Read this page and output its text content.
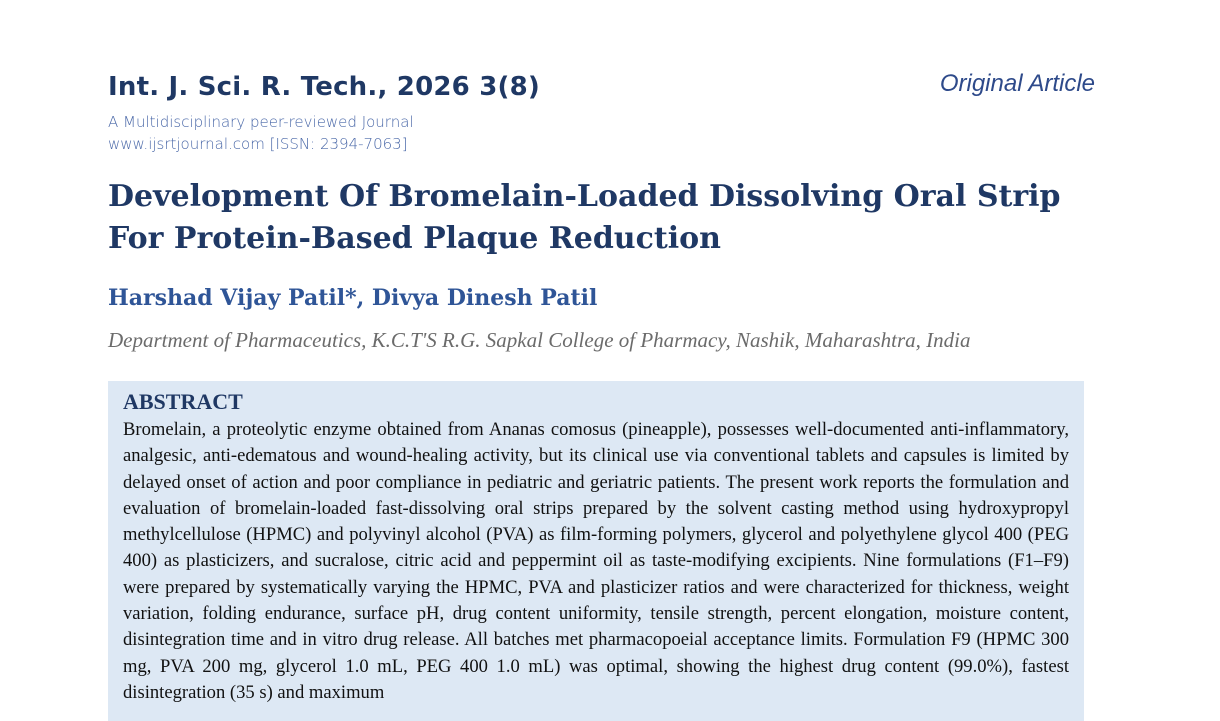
Int. J. Sci. R. Tech., 2026 3(8)	Original Article
A Multidisciplinary peer-reviewed Journal
www.ijsrtjournal.com [ISSN: 2394-7063]
Development Of Bromelain-Loaded Dissolving Oral Strip For Protein-Based Plaque Reduction
Harshad Vijay Patil*, Divya Dinesh Patil
Department of Pharmaceutics, K.C.T'S R.G. Sapkal College of Pharmacy, Nashik, Maharashtra, India
ABSTRACT

Bromelain, a proteolytic enzyme obtained from Ananas comosus (pineapple), possesses well-documented anti-inflammatory, analgesic, anti-edematous and wound-healing activity, but its clinical use via conventional tablets and capsules is limited by delayed onset of action and poor compliance in pediatric and geriatric patients. The present work reports the formulation and evaluation of bromelain-loaded fast-dissolving oral strips prepared by the solvent casting method using hydroxypropyl methylcellulose (HPMC) and polyvinyl alcohol (PVA) as film-forming polymers, glycerol and polyethylene glycol 400 (PEG 400) as plasticizers, and sucralose, citric acid and peppermint oil as taste-modifying excipients. Nine formulations (F1–F9) were prepared by systematically varying the HPMC, PVA and plasticizer ratios and were characterized for thickness, weight variation, folding endurance, surface pH, drug content uniformity, tensile strength, percent elongation, moisture content, disintegration time and in vitro drug release. All batches met pharmacopoeial acceptance limits. Formulation F9 (HPMC 300 mg, PVA 200 mg, glycerol 1.0 mL, PEG 400 1.0 mL) was optimal, showing the highest drug content (99.0%), fastest disintegration (35 s) and maximum
